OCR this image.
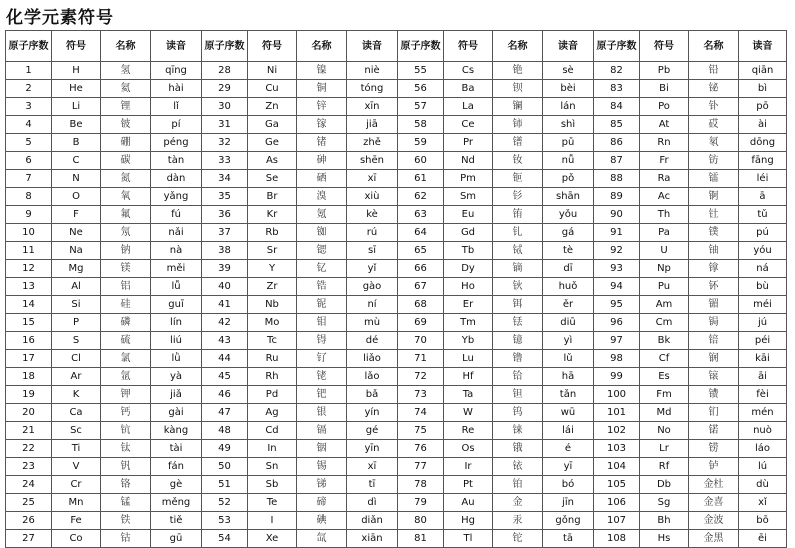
化学元素符号
原子序数	符号	名称	读音	原子序数	符号	名称	读音	原子序数	符号	名称	读音	原子序数	符号	名称	读音
1	H	氢	qīng	28	Ni	镍	niè	55	Cs	铯	sè	82	Pb	铅	qiān
2	He	氦	hài	29	Cu	铜	tóng	56	Ba	钡	bèi	83	Bi	铋	bì
3	Li	锂	lǐ	30	Zn	锌	xīn	57	La	镧	lán	84	Po	钋	pō
4	Be	铍	pí	31	Ga	镓	jiā	58	Ce	铈	shì	85	At	砹	ài
5	B	硼	péng	32	Ge	锗	zhě	59	Pr	镨	pǔ	86	Rn	氡	dōng
6	C	碳	tàn	33	As	砷	shēn	60	Nd	钕	nǚ	87	Fr	钫	fāng
7	N	氮	dàn	34	Se	硒	xī	61	Pm	钷	pǒ	88	Ra	镭	léi
8	O	氧	yǎng	35	Br	溴	xiù	62	Sm	钐	shān	89	Ac	锕	ā
9	F	氟	fú	36	Kr	氪	kè	63	Eu	铕	yǒu	90	Th	钍	tǔ
10	Ne	氖	nǎi	37	Rb	铷	rú	64	Gd	钆	gá	91	Pa	镤	pú
11	Na	钠	nà	38	Sr	锶	sī	65	Tb	铽	tè	92	U	铀	yóu
12	Mg	镁	měi	39	Y	钇	yǐ	66	Dy	镝	dī	93	Np	镎	ná
13	Al	铝	lǚ	40	Zr	锆	gào	67	Ho	钬	huǒ	94	Pu	钚	bù
14	Si	硅	guī	41	Nb	铌	ní	68	Er	铒	ěr	95	Am	镅	méi
15	P	磷	lín	42	Mo	钼	mù	69	Tm	铥	diū	96	Cm	锔	jú
16	S	硫	liú	43	Tc	锝	dé	70	Yb	镱	yì	97	Bk	锫	péi
17	Cl	氯	lǜ	44	Ru	钌	liǎo	71	Lu	镥	lǔ	98	Cf	锎	kāi
18	Ar	氩	yà	45	Rh	铑	lǎo	72	Hf	铪	hā	99	Es	锿	āi
19	K	钾	jiǎ	46	Pd	钯	bǎ	73	Ta	钽	tǎn	100	Fm	镄	fèi
20	Ca	钙	gài	47	Ag	银	yín	74	W	钨	wū	101	Md	钔	mén
21	Sc	钪	kàng	48	Cd	镉	gé	75	Re	铼	lái	102	No	锘	nuò
22	Ti	钛	tài	49	In	铟	yīn	76	Os	锇	é	103	Lr	铹	láo
23	V	钒	fán	50	Sn	锡	xī	77	Ir	铱	yī	104	Rf	𬬻	lú
24	Cr	铬	gè	51	Sb	锑	tī	78	Pt	铂	bó	105	Db	金杜	dù
25	Mn	锰	měng	52	Te	碲	dì	79	Au	金	jīn	106	Sg	金喜	xǐ
26	Fe	铁	tiě	53	I	碘	diǎn	80	Hg	汞	gǒng	107	Bh	金波	bō
27	Co	钴	gū	54	Xe	氙	xiān	81	Tl	铊	tā	108	Hs	金黑	ēi
